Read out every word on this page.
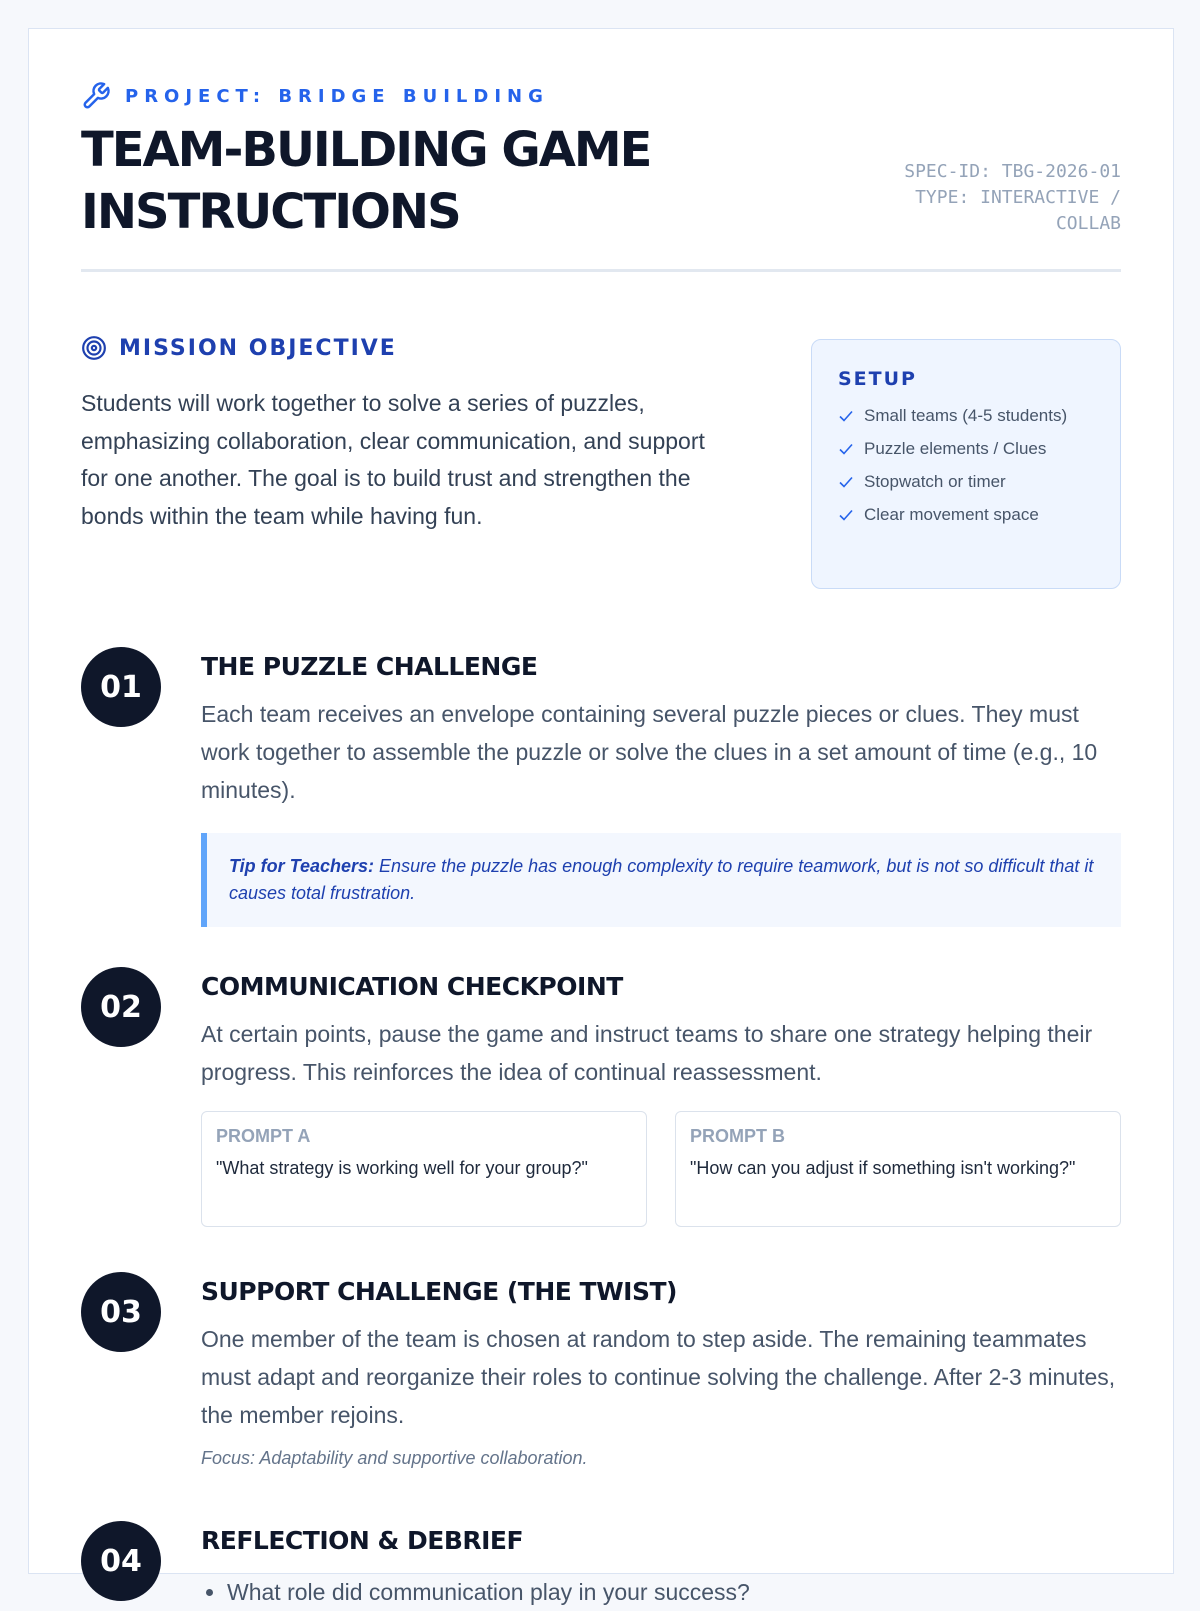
PROJECT: BRIDGE BUILDING
TEAM-BUILDING GAME INSTRUCTIONS
SPEC-ID: TBG-2026-01
TYPE: INTERACTIVE / COLLAB
MISSION OBJECTIVE

Students will work together to solve a series of puzzles, emphasizing collaboration, clear communication, and support for one another. The goal is to build trust and strengthen the bonds within the team while having fun.

SETUP
Small teams (4-5 students)
Puzzle elements / Clues
Stopwatch or timer
Clear movement space
01
THE PUZZLE CHALLENGE

Each team receives an envelope containing several puzzle pieces or clues. They must work together to assemble the puzzle or solve the clues in a set amount of time (e.g., 10 minutes).

Tip for Teachers: Ensure the puzzle has enough complexity to require teamwork, but is not so difficult that it causes total frustration.
02
COMMUNICATION CHECKPOINT

At certain points, pause the game and instruct teams to share one strategy helping their progress. This reinforces the idea of continual reassessment.

PROMPT A
"What strategy is working well for your group?"
PROMPT B
"How can you adjust if something isn't working?"
03
SUPPORT CHALLENGE (THE TWIST)

One member of the team is chosen at random to step aside. The remaining teammates must adapt and reorganize their roles to continue solving the challenge. After 2-3 minutes, the member rejoins.

Focus: Adaptability and supportive collaboration.
04
REFLECTION & DEBRIEF
• What role did communication play in your success?
